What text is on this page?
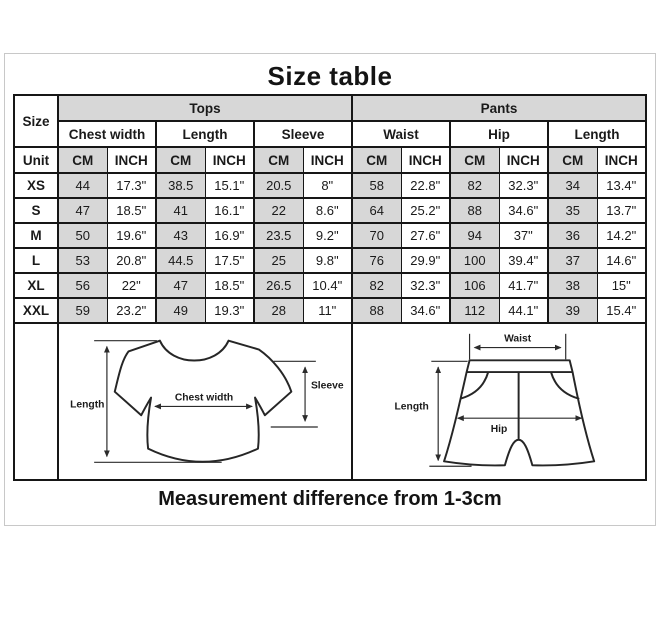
Size table
Size	Tops						Pants					
	Chest width		Length		Sleeve		Waist		Hip		Length	
Unit	CM	INCH	CM	INCH	CM	INCH	CM	INCH	CM	INCH	CM	INCH
XS	44	17.3"	38.5	15.1"	20.5	8"	58	22.8"	82	32.3"	34	13.4"
S	47	18.5"	41	16.1"	22	8.6"	64	25.2"	88	34.6"	35	13.7"
M	50	19.6"	43	16.9"	23.5	9.2"	70	27.6"	94	37"	36	14.2"
L	53	20.8"	44.5	17.5"	25	9.8"	76	29.9"	100	39.4"	37	14.6"
XL	56	22"	47	18.5"	26.5	10.4"	82	32.3"	106	41.7"	38	15"
XXL	59	23.2"	49	19.3"	28	11"	88	34.6"	112	44.1"	39	15.4"

Length
Chest width
Sleeve						Waist
Length
Hip					
Measurement difference from 1-3cm
